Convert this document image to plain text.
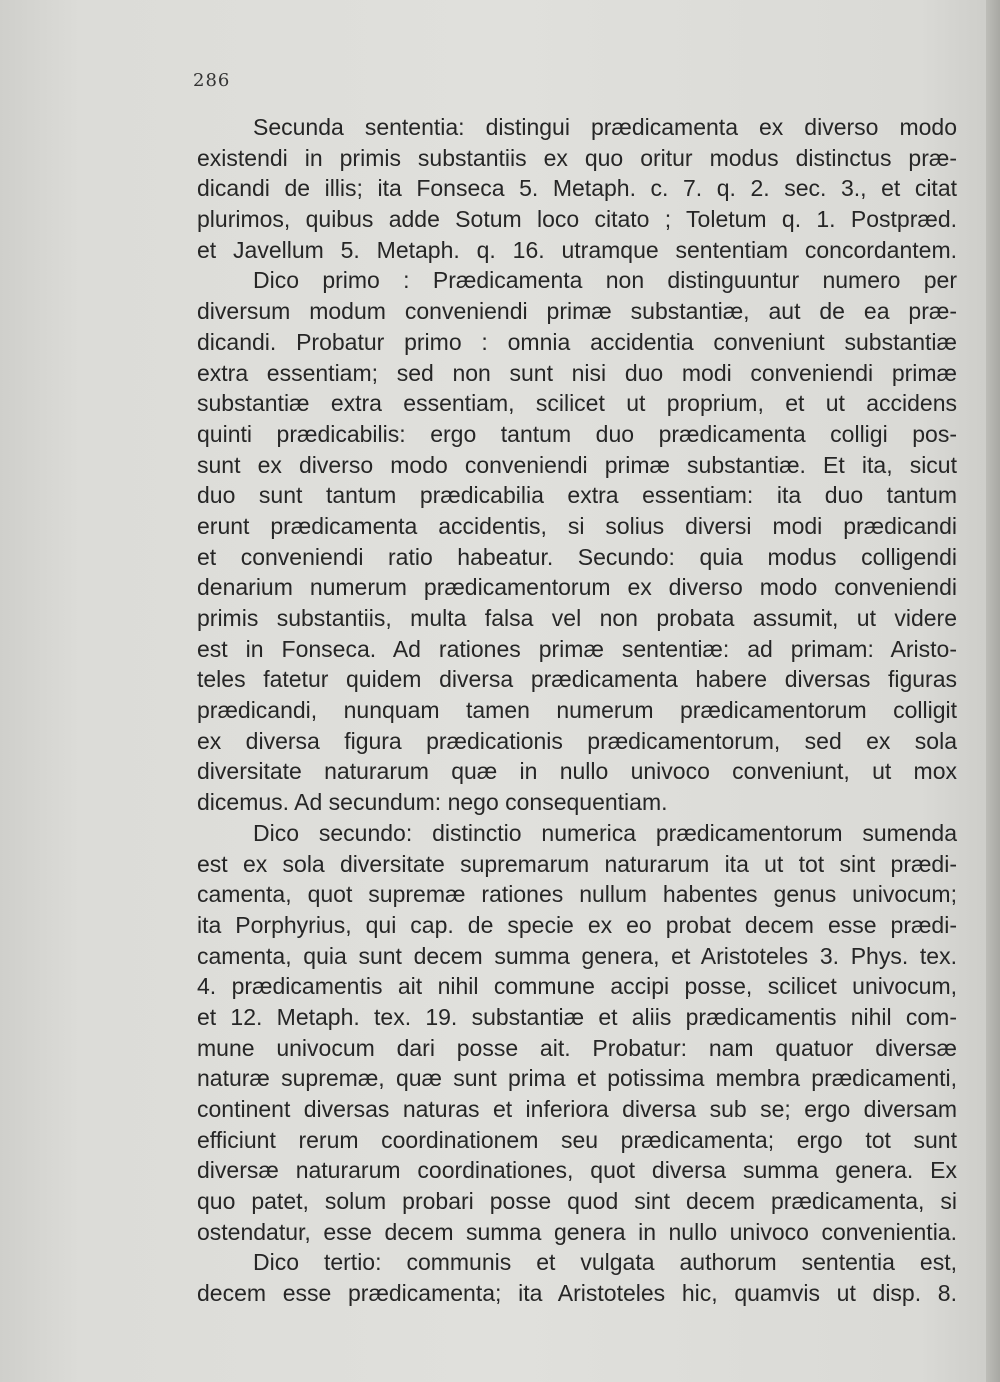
286
Secunda sententia: distingui prædicamenta ex diverso modo
existendi in primis substantiis ex quo oritur modus distinctus præ-
dicandi de illis; ita Fonseca 5. Metaph. c. 7. q. 2. sec. 3., et citat
plurimos, quibus adde Sotum loco citato ; Toletum q. 1. Postpræd.
et Javellum 5. Metaph. q. 16. utramque sententiam concordantem.
Dico primo : Prædicamenta non distinguuntur numero per
diversum modum conveniendi primæ substantiæ, aut de ea præ-
dicandi. Probatur primo : omnia accidentia conveniunt substantiæ
extra essentiam; sed non sunt nisi duo modi conveniendi primæ
substantiæ extra essentiam, scilicet ut proprium, et ut accidens
quinti prædicabilis: ergo tantum duo prædicamenta colligi pos-
sunt ex diverso modo conveniendi primæ substantiæ. Et ita, sicut
duo sunt tantum prædicabilia extra essentiam: ita duo tantum
erunt prædicamenta accidentis, si solius diversi modi prædicandi
et conveniendi ratio habeatur. Secundo: quia modus colligendi
denarium numerum prædicamentorum ex diverso modo conveniendi
primis substantiis, multa falsa vel non probata assumit, ut videre
est in Fonseca. Ad rationes primæ sententiæ: ad primam: Aristo-
teles fatetur quidem diversa prædicamenta habere diversas figuras
prædicandi, nunquam tamen numerum prædicamentorum colligit
ex diversa figura prædicationis prædicamentorum, sed ex sola
diversitate naturarum quæ in nullo univoco conveniunt, ut mox
dicemus. Ad secundum: nego consequentiam.
Dico secundo: distinctio numerica prædicamentorum sumenda
est ex sola diversitate supremarum naturarum ita ut tot sint prædi-
camenta, quot supremæ rationes nullum habentes genus univocum;
ita Porphyrius, qui cap. de specie ex eo probat decem esse prædi-
camenta, quia sunt decem summa genera, et Aristoteles 3. Phys. tex.
4. prædicamentis ait nihil commune accipi posse, scilicet univocum,
et 12. Metaph. tex. 19. substantiæ et aliis prædicamentis nihil com-
mune univocum dari posse ait. Probatur: nam quatuor diversæ
naturæ supremæ, quæ sunt prima et potissima membra prædicamenti,
continent diversas naturas et inferiora diversa sub se; ergo diversam
efficiunt rerum coordinationem seu prædicamenta; ergo tot sunt
diversæ naturarum coordinationes, quot diversa summa genera. Ex
quo patet, solum probari posse quod sint decem prædicamenta, si
ostendatur, esse decem summa genera in nullo univoco convenientia.
Dico tertio: communis et vulgata authorum sententia est,
decem esse prædicamenta; ita Aristoteles hic, quamvis ut disp. 8.
